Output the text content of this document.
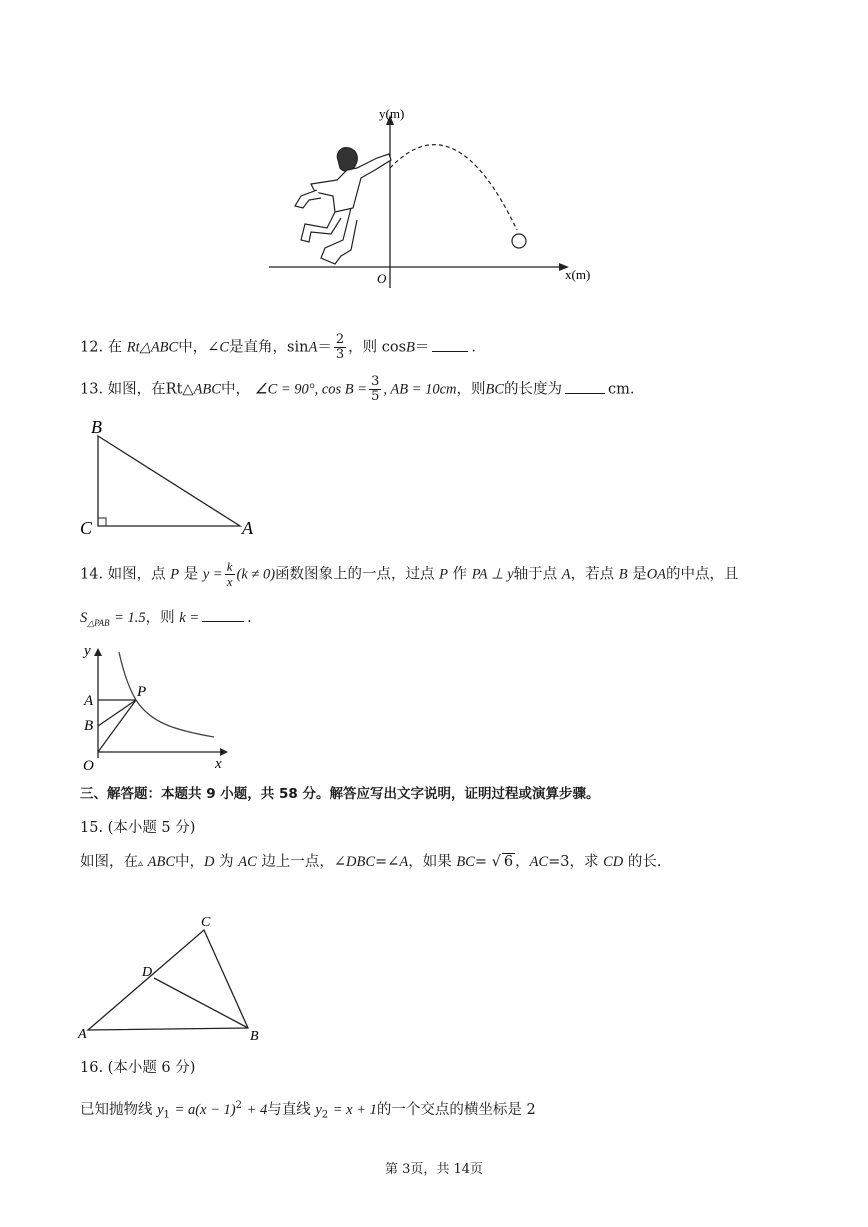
y(m)
x(m)
O
12. 在 Rt△ABC中，∠C是直角，$\sin A= \frac{2}{3}$ ，则 cosB＝	.
13. 如图，在Rt△ABC中， ∠C = 90°, $\cos B = \frac{3}{5}$ , AB = 10cm，则BC的长度为	cm.
B
C	A
14. 如图，点 P 是 $y = \frac{k}{x} (k \ne 0)$函数图象上的一点，过点 P 作 PA ⊥ y轴于点 A，若点 B 是OA的中点，且
$S_{\triangle PAB} = 1.5$，则 k =	.
y
x
O
A
B
P
三、解答题：本题共 9 小题，共 58 分。解答应写出文字说明，证明过程或演算步骤。
15. (本小题 5 分)
如图，在▵ ABC中，D 为 AC 边上一点，∠DBC=∠A，如果 BC= √ 6 ，AC=3，求 CD 的长.
A	B
C
D
16. (本小题 6 分)
已知抛物线 $y_1 = a(x - 1)^2 + 4$与直线 $y_2 = x + 1$的一个交点的横坐标是 2
第 3页，共 14页
